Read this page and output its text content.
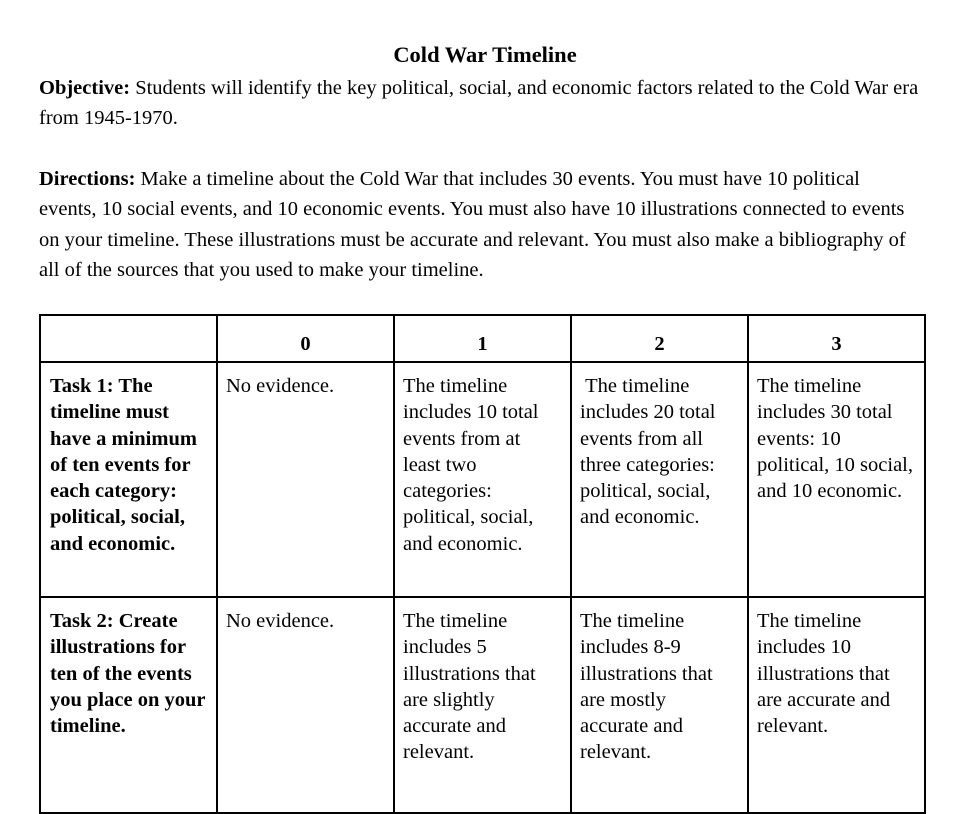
Cold War Timeline

Objective: Students will identify the key political, social, and economic factors related to the Cold War era from 1945-1970.

Directions: Make a timeline about the Cold War that includes 30 events. You must have 10 political events, 10 social events, and 10 economic events. You must also have 10 illustrations connected to events on your timeline. These illustrations must be accurate and relevant. You must also make a bibliography of all of the sources that you used to make your timeline.

	0	1	2	3
Task 1: The timeline must have a minimum of ten events for each category: political, social, and economic.	No evidence.	The timeline includes 10 total events from at least two categories: political, social, and economic.	The timeline includes 20 total events from all three categories: political, social, and economic.	The timeline includes 30 total events: 10 political, 10 social, and 10 economic.
Task 2: Create illustrations for ten of the events you place on your timeline.	No evidence.	The timeline includes 5 illustrations that are slightly accurate and relevant.	The timeline includes 8-9 illustrations that are mostly accurate and relevant.	The timeline includes 10 illustrations that are accurate and relevant.
